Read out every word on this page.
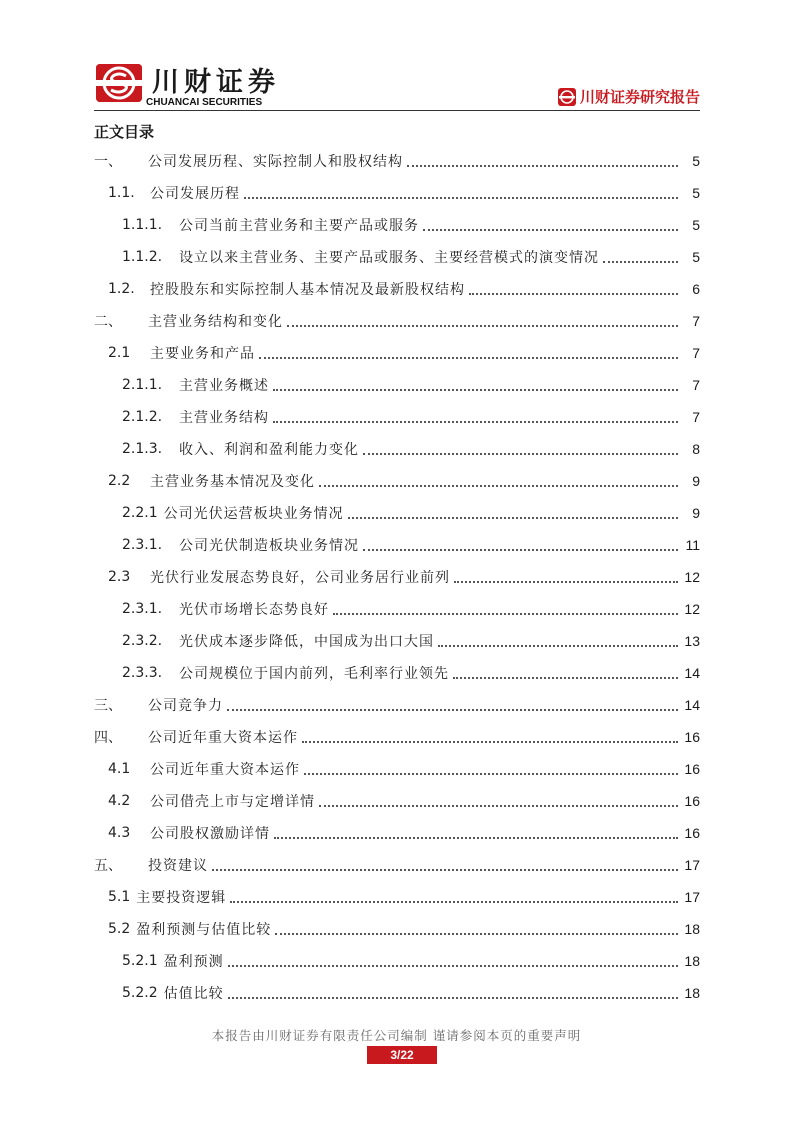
川财证券
CHUANCAI SECURITIES	川财证券研究报告
正文目录
一、	公司发展历程、实际控制人和股权结构	5
1.1.	公司发展历程	5
1.1.1.	公司当前主营业务和主要产品或服务	5
1.1.2.	设立以来主营业务、主要产品或服务、主要经营模式的演变情况	5
1.2.	控股股东和实际控制人基本情况及最新股权结构	6
二、	主营业务结构和变化	7
2.1	主要业务和产品	7
2.1.1.	主营业务概述	7
2.1.2.	主营业务结构	7
2.1.3.	收入、利润和盈利能力变化	8
2.2	主营业务基本情况及变化	9
2.2.1 公司光伏运营板块业务情况	9
2.3.1.	公司光伏制造板块业务情况	11
2.3	光伏行业发展态势良好，公司业务居行业前列	12
2.3.1.	光伏市场增长态势良好	12
2.3.2.	光伏成本逐步降低，中国成为出口大国	13
2.3.3.	公司规模位于国内前列，毛利率行业领先	14
三、	公司竞争力	14
四、	公司近年重大资本运作	16
4.1	公司近年重大资本运作	16
4.2	公司借壳上市与定增详情	16
4.3	公司股权激励详情	16
五、	投资建议	17
5.1 主要投资逻辑	17
5.2 盈利预测与估值比较	18
5.2.1 盈利预测	18
5.2.2 估值比较	18
本报告由川财证券有限责任公司编制 谨请参阅本页的重要声明
3/22
